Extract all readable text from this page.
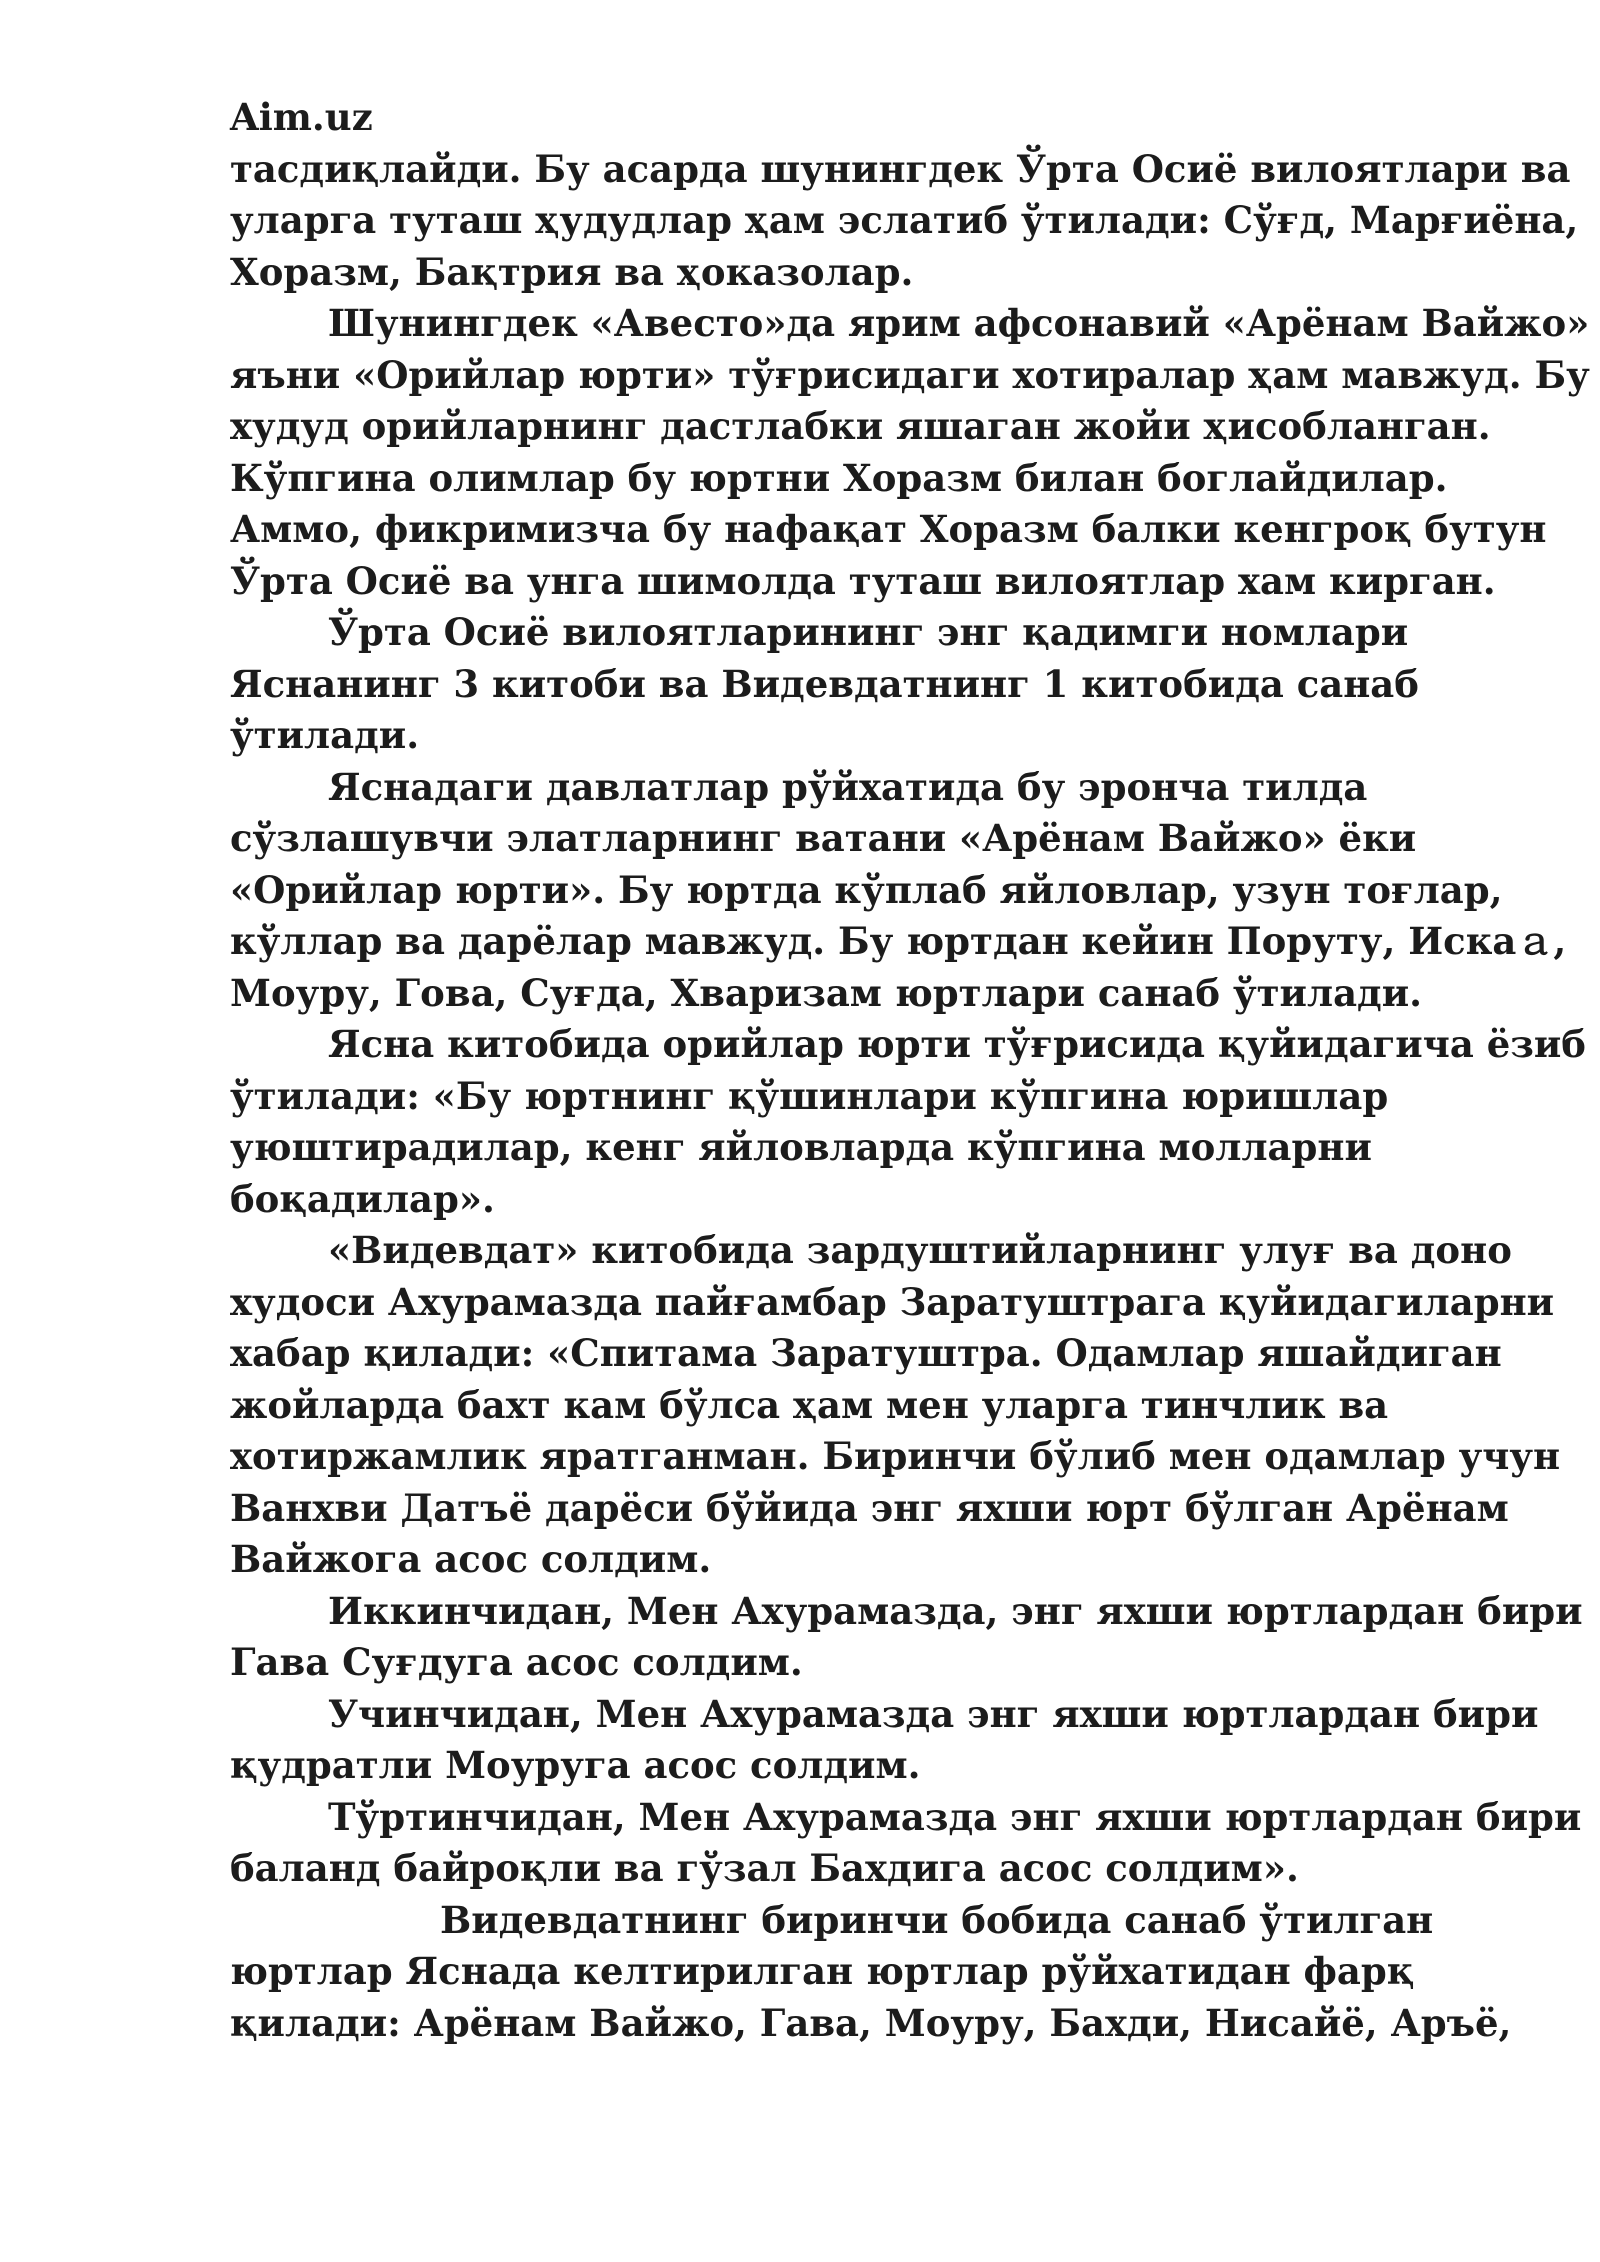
Aim.uz
тасдиқлайди. Бу асарда шунингдек Ўрта Осиё вилоятлари ва
уларга туташ ҳудудлар ҳам эслатиб ўтилади: Сўғд, Марғиёна,
Хоразм, Бақтрия ва ҳоказолар.
Шунингдек «Авесто»да ярим афсонавий «Арёнам Вайжо»
яъни «Орийлар юрти» тўғрисидаги хотиралар ҳам мавжуд. Бу
худуд орийларнинг дастлабки яшаган жойи ҳисобланган.
Кўпгина олимлар бу юртни Хоразм билан боглайдилар.
Аммо, фикримизча бу нафақат Хоразм балки кенгроқ бутун
Ўрта Осиё ва унга шимолда туташ вилоятлар хам кирган.
Ўрта Осиё вилоятларининг энг қадимги номлари
Яснанинг 3 китоби ва Видевдатнинг 1 китобида санаб
ўтилади.
Яснадаги давлатлар рўйхатида бу эронча тилда
сўзлашувчи элатларнинг ватани «Арёнам Вайжо» ёки
«Орийлар юрти». Бу юртда кўплаб яйловлар, узун тоғлар,
кўллар ва дарёлар мавжуд. Бу юртдан кейин Поруту, Искаａ,
Моуру, Гова, Суғда, Хваризам юртлари санаб ўтилади.
Ясна китобида орийлар юрти тўғрисида қуйидагича ёзиб
ўтилади: «Бу юртнинг қўшинлари кўпгина юришлар
уюштирадилар, кенг яйловларда кўпгина молларни
боқадилар».
«Видевдат» китобида зардуштийларнинг улуғ ва доно
худоси Ахурамазда пайғамбар Заратуштрага қуйидагиларни
хабар қилади: «Спитама Заратуштра. Одамлар яшайдиган
жойларда бахт кам бўлса ҳам мен уларга тинчлик ва
хотиржамлик яратганман. Биринчи бўлиб мен одамлар учун
Ванхви Датъё дарёси бўйида энг яхши юрт бўлган Арёнам
Вайжога асос солдим.
Иккинчидан, Мен Ахурамазда, энг яхши юртлардан бири
Гава Суғдуга асос солдим.
Учинчидан, Мен Ахурамазда энг яхши юртлардан бири
қудратли Моуруга асос солдим.
Тўртинчидан, Мен Ахурамазда энг яхши юртлардан бири
баланд байроқли ва гўзал Бахдига асос солдим».
Видевдатнинг биринчи бобида санаб ўтилган
юртлар Яснада келтирилган юртлар рўйхатидан фарқ
қилади: Арёнам Вайжо, Гава, Моуру, Бахди, Нисайё, Аръё,
